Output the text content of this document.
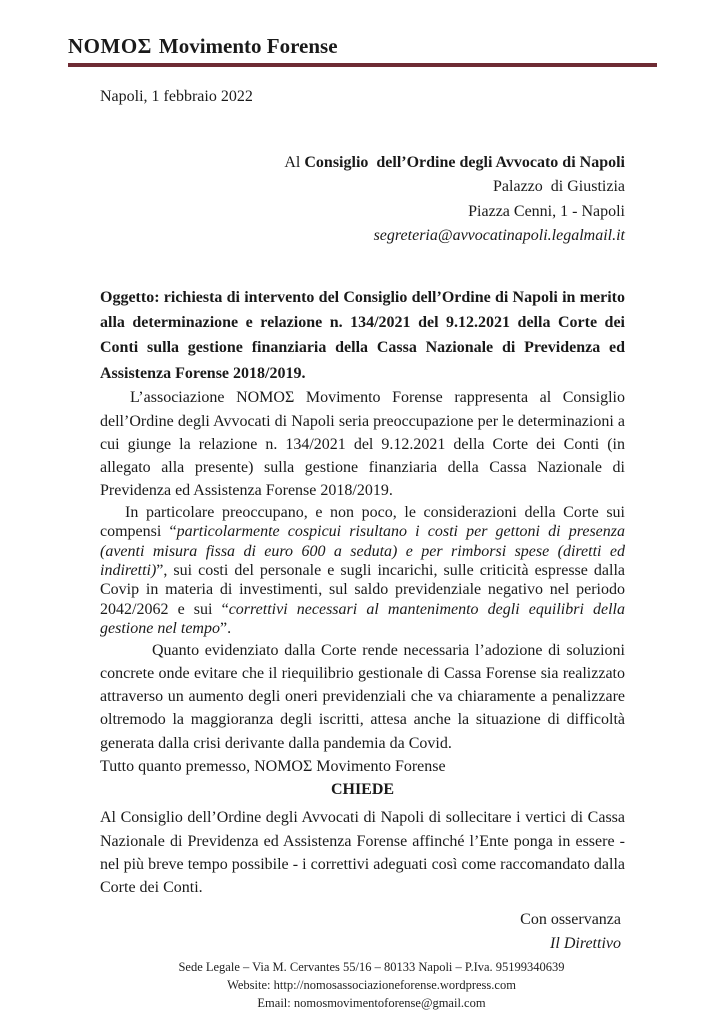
ΝΟΜΟΣ Movimento Forense

Napoli, 1 febbraio 2022

Al Consiglio  dell’Ordine degli Avvocato di Napoli

Palazzo  di Giustizia

Piazza Cenni, 1 - Napoli

segreteria@avvocatinapoli.legalmail.it

Oggetto: richiesta di intervento del Consiglio dell’Ordine di Napoli in merito alla determinazione e relazione n. 134/2021 del 9.12.2021 della Corte dei Conti sulla gestione finanziaria della Cassa Nazionale di Previdenza ed Assistenza Forense 2018/2019.

L’associazione ΝΟΜΟΣ Movimento Forense rappresenta al Consiglio dell’Ordine degli Avvocati di Napoli seria preoccupazione per le determinazioni a cui giunge la relazione n. 134/2021 del 9.12.2021 della Corte dei Conti (in allegato alla presente) sulla gestione finanziaria della Cassa Nazionale di Previdenza ed Assistenza Forense 2018/2019.

In particolare preoccupano, e non poco, le considerazioni della Corte sui compensi “particolarmente cospicui risultano i costi per gettoni di presenza (aventi misura fissa di euro 600 a seduta) e per rimborsi spese (diretti ed indiretti)”, sui costi del personale e sugli incarichi, sulle criticità espresse dalla Covip in materia di investimenti, sul saldo previdenziale negativo nel periodo 2042/2062 e sui “correttivi necessari al mantenimento degli equilibri della gestione nel tempo”.

Quanto evidenziato dalla Corte rende necessaria l’adozione di soluzioni concrete onde evitare che il riequilibrio gestionale di Cassa Forense sia realizzato attraverso un aumento degli oneri previdenziali che va chiaramente a penalizzare oltremodo la maggioranza degli iscritti, attesa anche la situazione di difficoltà generata dalla crisi derivante dalla pandemia da Covid.

Tutto quanto premesso, ΝΟΜΟΣ Movimento Forense

CHIEDE

Al Consiglio dell’Ordine degli Avvocati di Napoli di sollecitare i vertici di Cassa Nazionale di Previdenza ed Assistenza Forense affinché l’Ente ponga in essere - nel più breve tempo possibile - i correttivi adeguati così come raccomandato dalla Corte dei Conti.

Con osservanza

Il Direttivo

Sede Legale – Via M. Cervantes 55/16 – 80133 Napoli – P.Iva. 95199340639

Website: http://nomosassociazioneforense.wordpress.com

Email: nomosmovimentoforense@gmail.com
